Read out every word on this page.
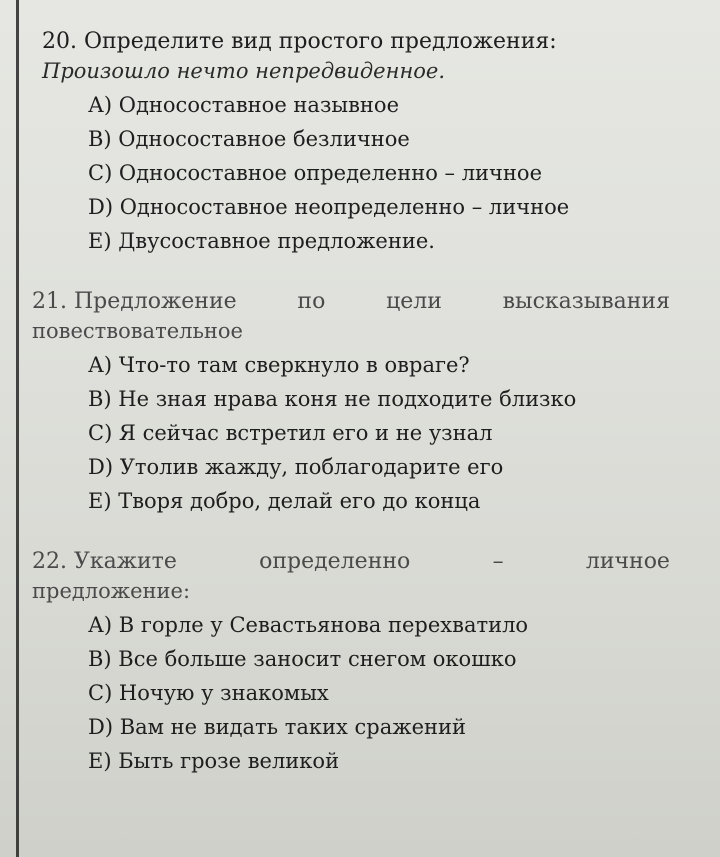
20. Определите вид простого предложения:

Произошло нечто непредвиденное.

А) Односоставное назывное
В) Односоставное безличное
С) Односоставное определенно – личное
D) Односоставное неопределенно – личное
Е) Двусоставное предложение.

21. Предложение	по	цели	высказывания

повествовательное

А) Что-то там сверкнуло в овраге?
В) Не зная нрава коня не подходите близко
С) Я сейчас встретил его и не узнал
D) Утолив жажду, поблагодарите его
Е) Творя добро, делай его до конца

22. Укажите	определенно	–	личное

предложение:

А) В горле у Севастьянова перехватило
В) Все больше заносит снегом окошко
С) Ночую у знакомых
D) Вам не видать таких сражений
Е) Быть грозе великой
